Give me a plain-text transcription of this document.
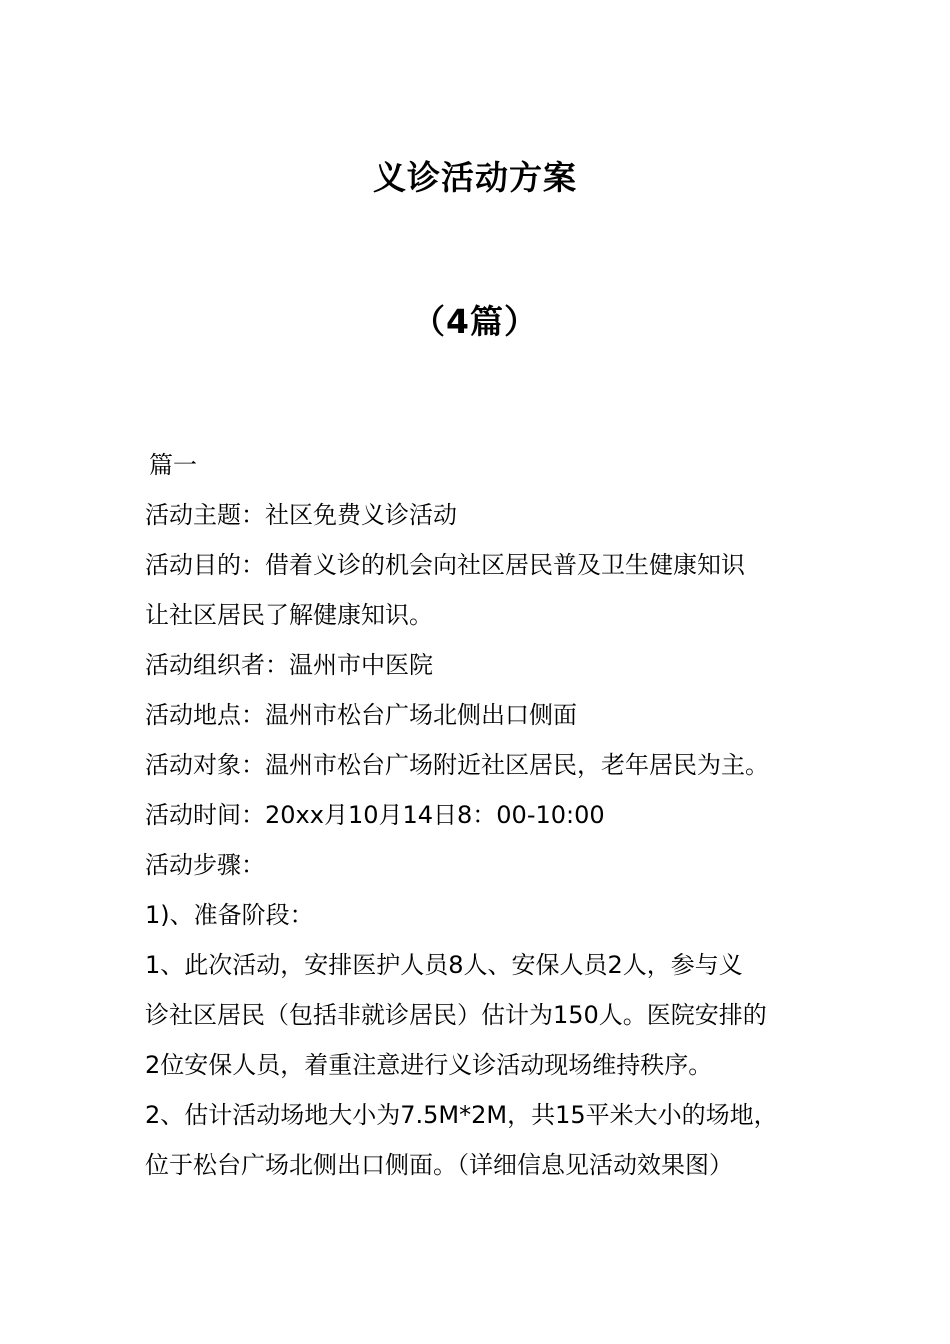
义诊活动方案
（4篇）
篇一
活动主题：社区免费义诊活动
活动目的：借着义诊的机会向社区居民普及卫生健康知识
让社区居民了解健康知识。
活动组织者：温州市中医院
活动地点：温州市松台广场北侧出口侧面
活动对象：温州市松台广场附近社区居民，老年居民为主。
活动时间：20xx月10月14日8：00-10:00
活动步骤：
1)、准备阶段：
1、此次活动，安排医护人员8人、安保人员2人，参与义
诊社区居民（包括非就诊居民）估计为150人。医院安排的
2位安保人员，着重注意进行义诊活动现场维持秩序。
2、估计活动场地大小为7.5M*2M，共15平米大小的场地，
位于松台广场北侧出口侧面。（详细信息见活动效果图）
